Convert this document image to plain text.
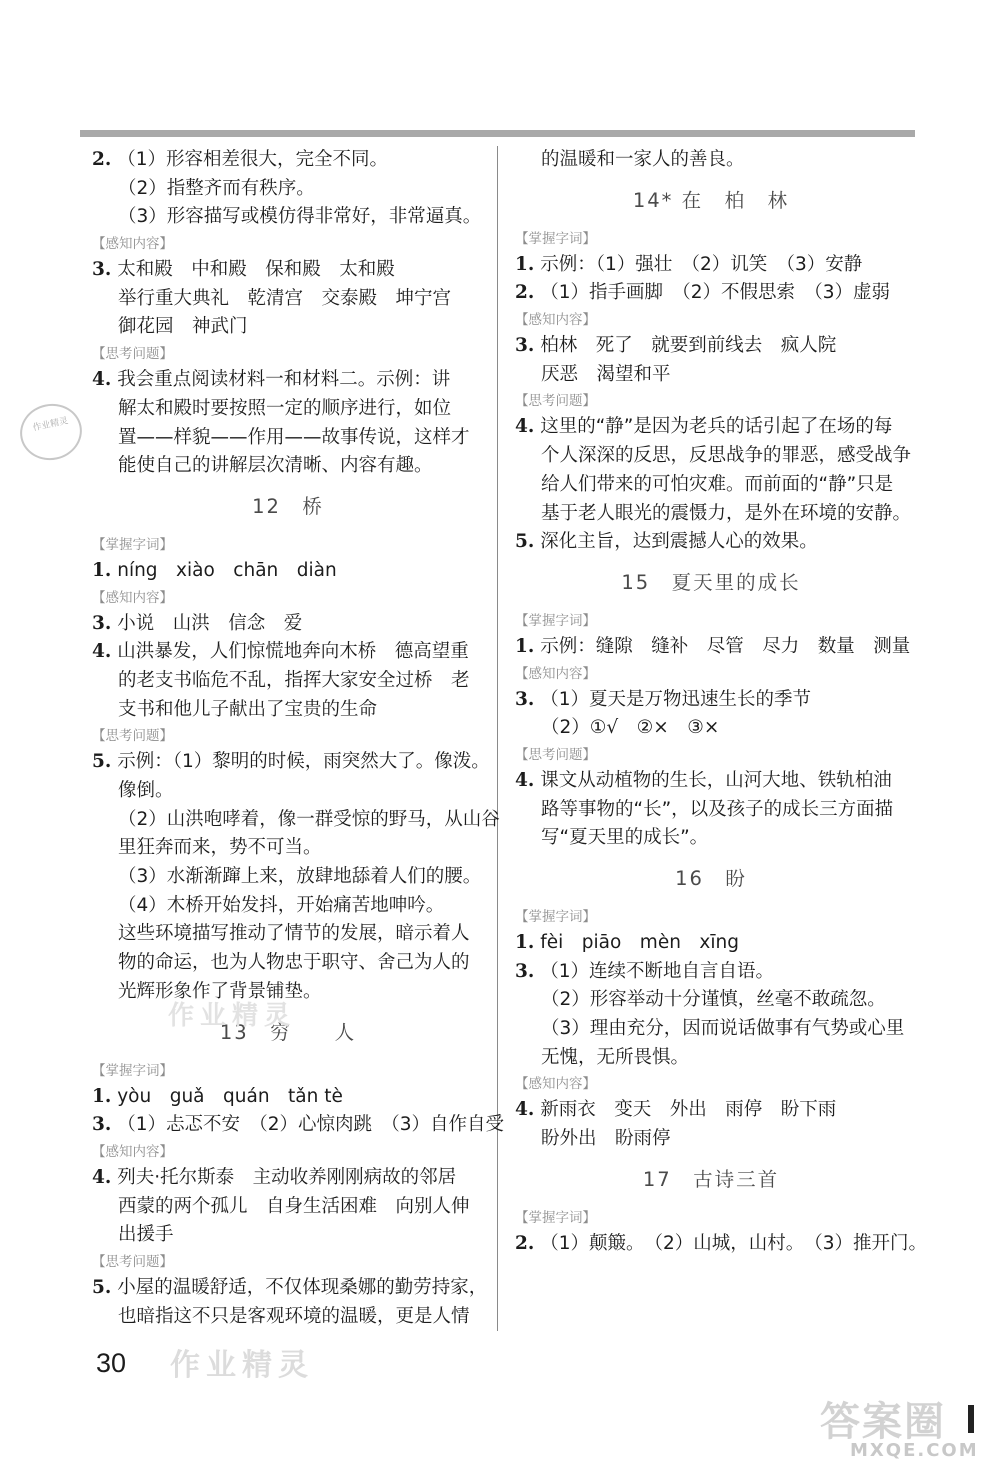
2. （1）形容相差很大，完全不同。
（2）指整齐而有秩序。
（3）形容描写或模仿得非常好，非常逼真。
【感知内容】
3. 太和殿　中和殿　保和殿　太和殿
举行重大典礼　乾清宫　交泰殿　坤宁宫
御花园　神武门
【思考问题】
4. 我会重点阅读材料一和材料二。示例：讲
解太和殿时要按照一定的顺序进行，如位
置——样貌——作用——故事传说，这样才
能使自己的讲解层次清晰、内容有趣。
12　桥
【掌握字词】
1. níng　xiào　chān　diàn
【感知内容】
3. 小说　山洪　信念　爱
4. 山洪暴发，人们惊慌地奔向木桥　德高望重
的老支书临危不乱，指挥大家安全过桥　老
支书和他儿子献出了宝贵的生命
【思考问题】
5. 示例：（1）黎明的时候，雨突然大了。像泼。
像倒。
（2）山洪咆哮着，像一群受惊的野马，从山谷
里狂奔而来，势不可当。
（3）水渐渐蹿上来，放肆地舔着人们的腰。
（4）木桥开始发抖，开始痛苦地呻吟。
这些环境描写推动了情节的发展，暗示着人
物的命运，也为人物忠于职守、舍己为人的
光辉形象作了背景铺垫。
13　穷　　人
【掌握字词】
1. yòu　guǎ　quán　tǎn tè
3. （1）忐忑不安　（2）心惊肉跳　（3）自作自受
【感知内容】
4. 列夫·托尔斯泰　主动收养刚刚病故的邻居
西蒙的两个孤儿　自身生活困难　向别人伸
出援手
【思考问题】
5. 小屋的温暖舒适，不仅体现桑娜的勤劳持家，
也暗指这不只是客观环境的温暖，更是人情
的温暖和一家人的善良。
14* 在　柏　林
【掌握字词】
1. 示例：（1）强壮　（2）讥笑　（3）安静
2. （1）指手画脚　（2）不假思索　（3）虚弱
【感知内容】
3. 柏林　死了　就要到前线去　疯人院
厌恶　渴望和平
【思考问题】
4. 这里的“静”是因为老兵的话引起了在场的每
个人深深的反思，反思战争的罪恶，感受战争
给人们带来的可怕灾难。而前面的“静”只是
基于老人眼光的震慑力，是外在环境的安静。
5. 深化主旨，达到震撼人心的效果。
15　夏天里的成长
【掌握字词】
1. 示例：缝隙　缝补　尽管　尽力　数量　测量
【感知内容】
3. （1）夏天是万物迅速生长的季节
（2）①√　②×　③×
【思考问题】
4. 课文从动植物的生长，山河大地、铁轨柏油
路等事物的“长”，以及孩子的成长三方面描
写“夏天里的成长”。
16　盼
【掌握字词】
1. fèi　piāo　mèn　xīng
3. （1）连续不断地自言自语。
（2）形容举动十分谨慎，丝毫不敢疏忽。
（3）理由充分，因而说话做事有气势或心里
无愧，无所畏惧。
【感知内容】
4. 新雨衣　变天　外出　雨停　盼下雨
盼外出　盼雨停
17　古诗三首
【掌握字词】
2. （1）颠簸。　（2）山城，山村。　（3）推开门。
作业精灵
作业精灵
作业精灵
答案圈
MXQE.COM
30
